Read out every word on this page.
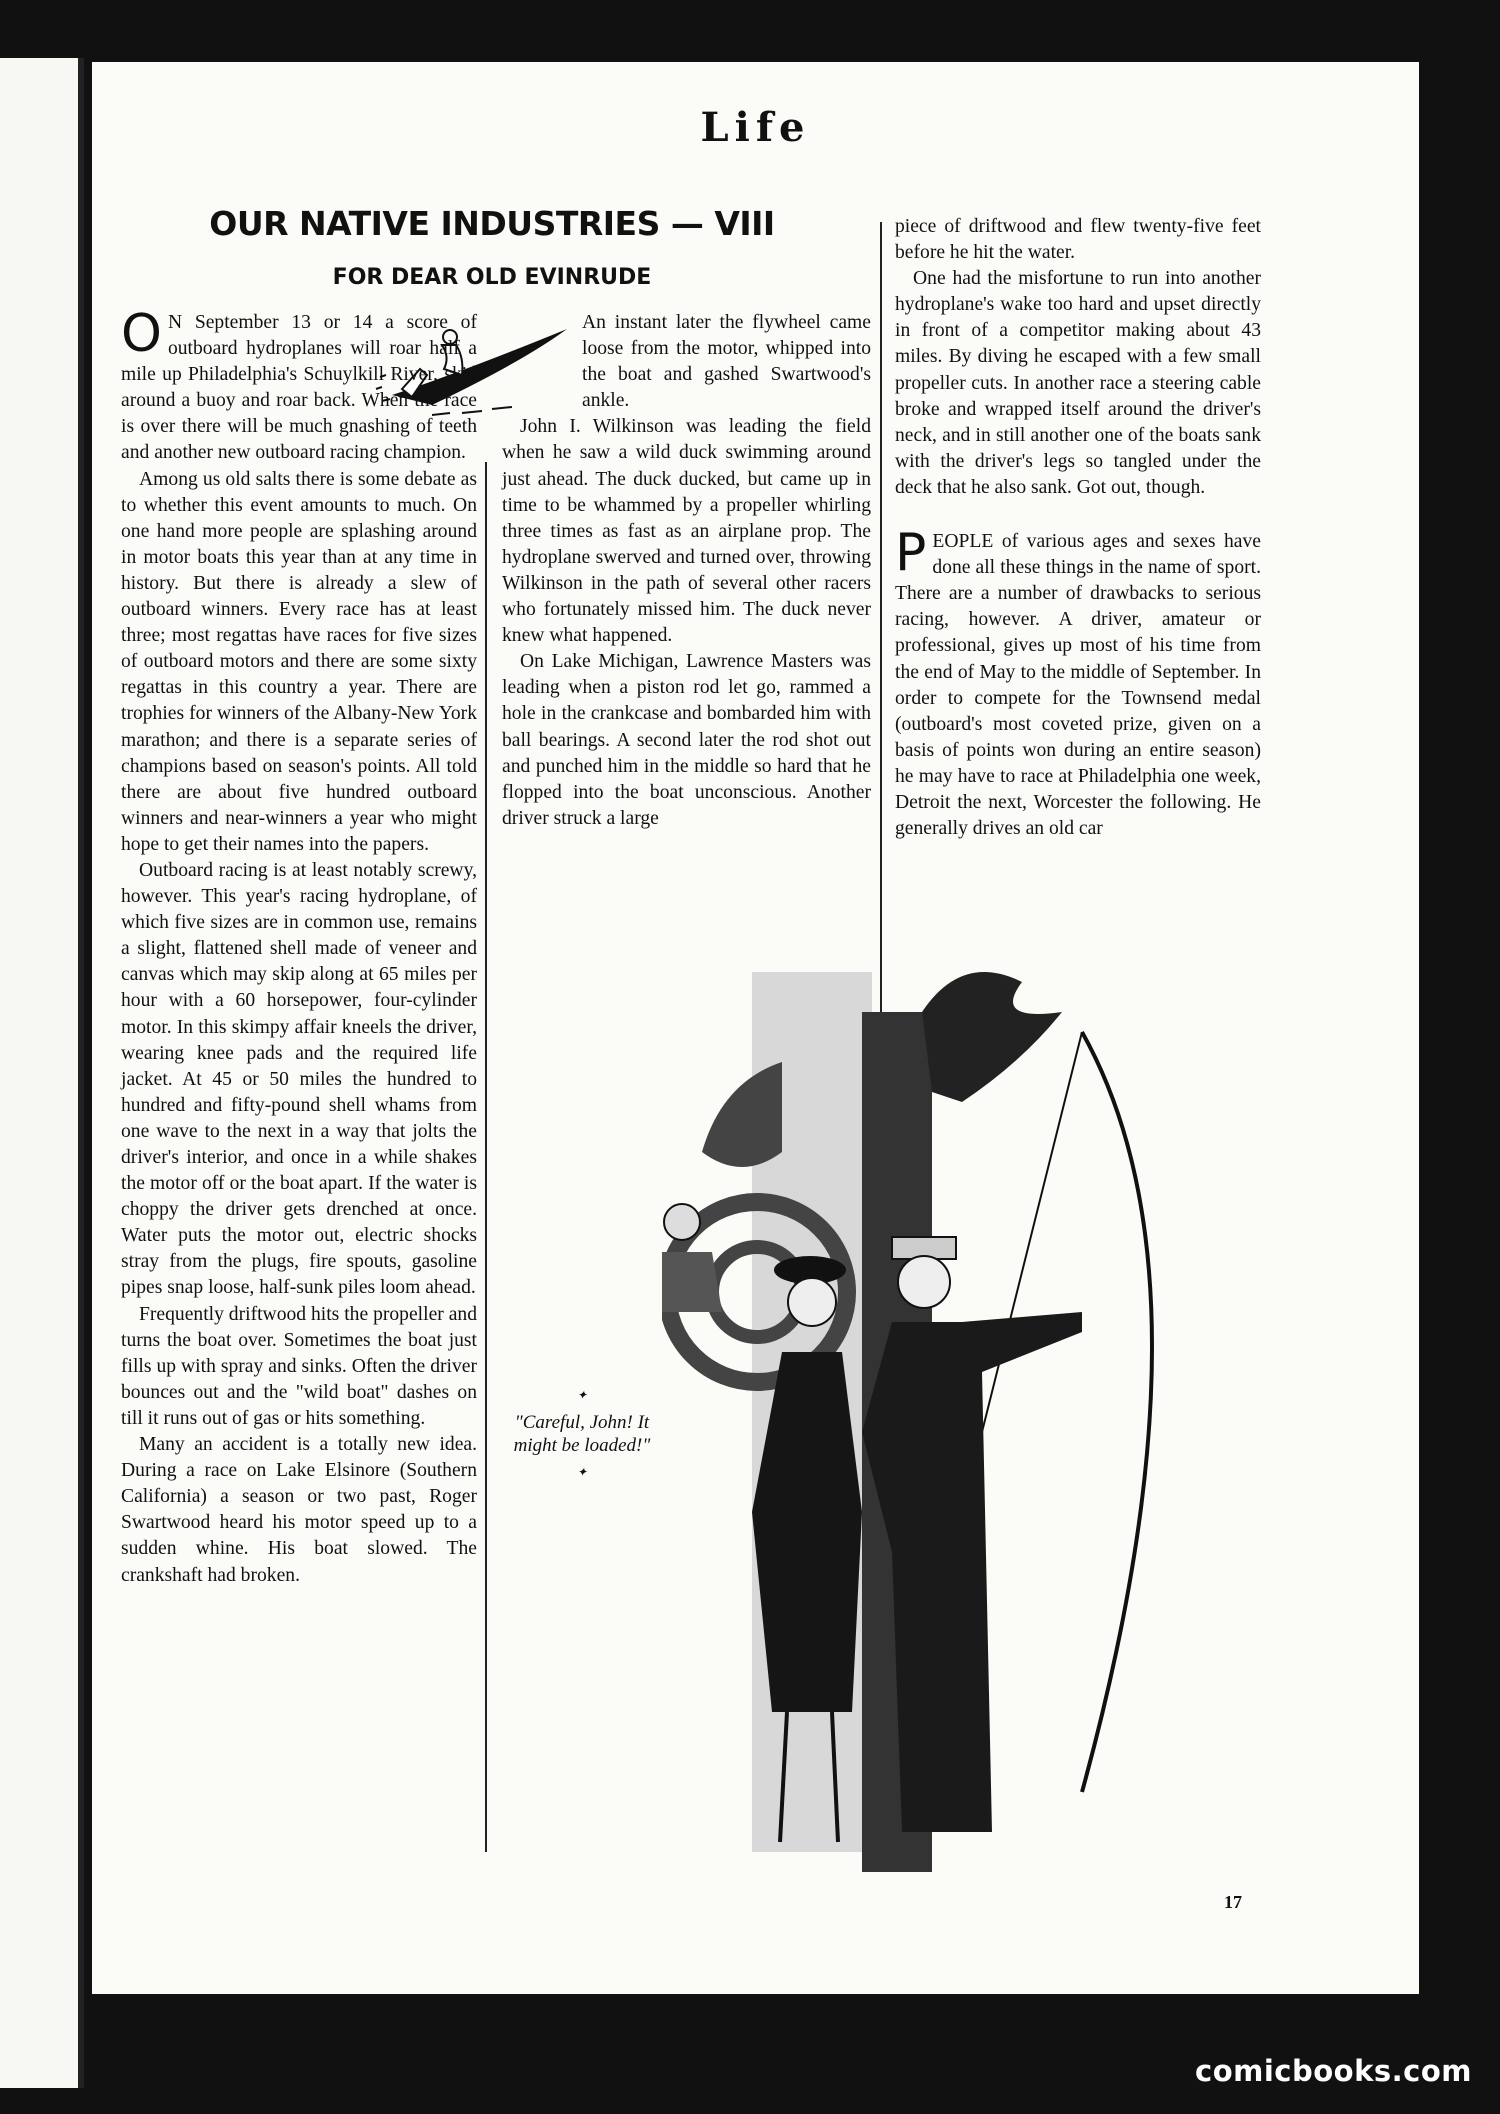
Life
OUR NATIVE INDUSTRIES — VIII
FOR DEAR OLD EVINRUDE

O N September 13 or 14 a score of outboard hydroplanes will roar half a mile up Philadelphia's Schuylkill River, skid around a buoy and roar back. When the race is over there will be much gnashing of teeth and another new outboard racing champion.

Among us old salts there is some debate as to whether this event amounts to much. On one hand more people are splashing around in motor boats this year than at any time in history. But there is already a slew of outboard winners. Every race has at least three; most regattas have races for five sizes of outboard motors and there are some sixty regattas in this country a year. There are trophies for winners of the Albany-New York marathon; and there is a separate series of champions based on season's points. All told there are about five hundred outboard winners and near-winners a year who might hope to get their names into the papers.

Outboard racing is at least notably screwy, however. This year's racing hydroplane, of which five sizes are in common use, remains a slight, flattened shell made of veneer and canvas which may skip along at 65 miles per hour with a 60 horsepower, four-cylinder motor. In this skimpy affair kneels the driver, wearing knee pads and the required life jacket. At 45 or 50 miles the hundred to hundred and fifty-pound shell whams from one wave to the next in a way that jolts the driver's interior, and once in a while shakes the motor off or the boat apart. If the water is choppy the driver gets drenched at once. Water puts the motor out, electric shocks stray from the plugs, fire spouts, gasoline pipes snap loose, half-sunk piles loom ahead.

Frequently driftwood hits the propeller and turns the boat over. Sometimes the boat just fills up with spray and sinks. Often the driver bounces out and the "wild boat" dashes on till it runs out of gas or hits something.

Many an accident is a totally new idea. During a race on Lake Elsinore (Southern California) a season or two past, Roger Swartwood heard his motor speed up to a sudden whine. His boat slowed. The crankshaft had broken.

An instant later the flywheel came loose from the motor, whipped into the boat and gashed Swartwood's ankle.

John I. Wilkinson was leading the field when he saw a wild duck swimming around just ahead. The duck ducked, but came up in time to be whammed by a propeller whirling three times as fast as an airplane prop. The hydroplane swerved and turned over, throwing Wilkinson in the path of several other racers who fortunately missed him. The duck never knew what happened.

On Lake Michigan, Lawrence Masters was leading when a piston rod let go, rammed a hole in the crankcase and bombarded him with ball bearings. A second later the rod shot out and punched him in the middle so hard that he flopped into the boat unconscious. Another driver struck a large

piece of driftwood and flew twenty-five feet before he hit the water.

One had the misfortune to run into another hydroplane's wake too hard and upset directly in front of a competitor making about 43 miles. By diving he escaped with a few small propeller cuts. In another race a steering cable broke and wrapped itself around the driver's neck, and in still another one of the boats sank with the driver's legs so tangled under the deck that he also sank. Got out, though.

PEOPLE of various ages and sexes have done all these things in the name of sport. There are a number of drawbacks to serious racing, however. A driver, amateur or professional, gives up most of his time from the end of May to the middle of September. In order to compete for the Townsend medal (outboard's most coveted prize, given on a basis of points won during an entire season) he may have to race at Philadelphia one week, Detroit the next, Worcester the following. He generally drives an old car

✦
"Careful, John! It might be loaded!"
✦
17
comicbooks.com
